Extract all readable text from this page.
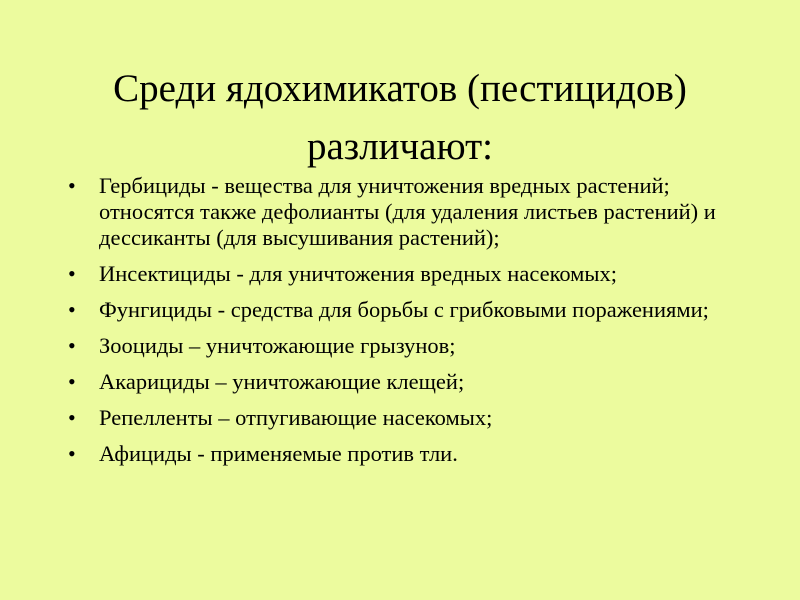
Среди ядохимикатов (пестицидов)
различают:
•	Гербициды - вещества для уничтожения вредных растений; относятся также дефолианты (для удаления листьев растений) и дессиканты (для высушивания растений);
•	Инсектициды - для уничтожения вредных насекомых;
•	Фунгициды - средства для борьбы с грибковыми поражениями;
•	Зооциды – уничтожающие грызунов;
•	Акарициды – уничтожающие клещей;
•	Репелленты – отпугивающие насекомых;
•	Афициды - применяемые против тли.
